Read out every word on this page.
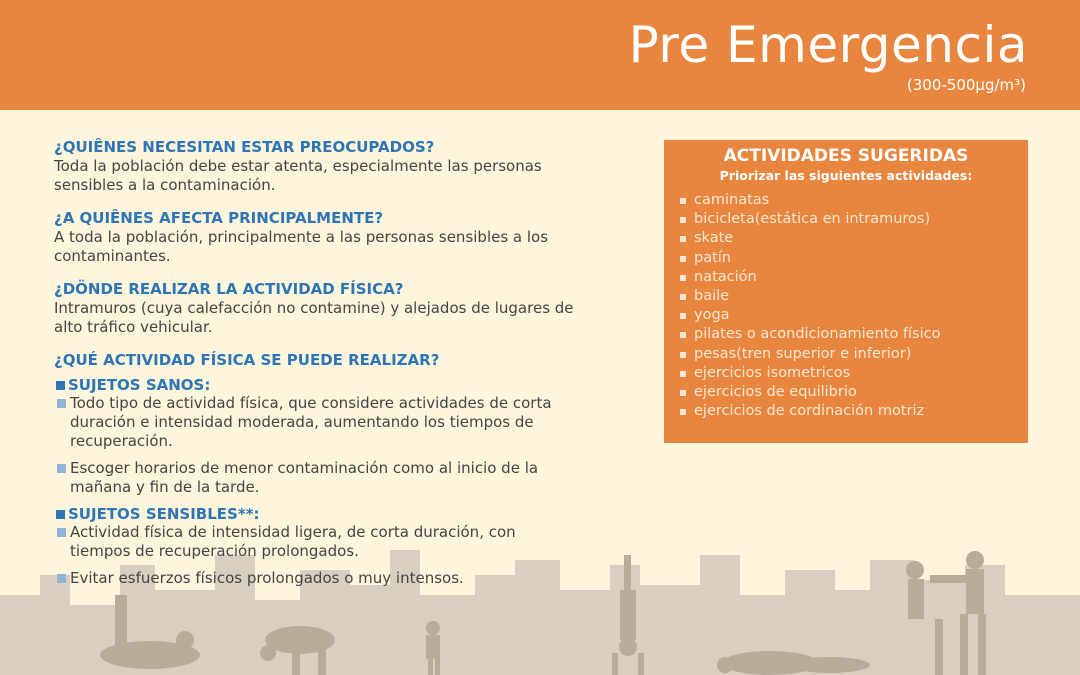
Pre Emergencia
(300-500µg/m³)

¿QUIÊNES NECESITAN ESTAR PREOCUPADOS?

Toda la población debe estar atenta, especialmente las personas sensibles a la contaminación.

¿A QUIÊNES AFECTA PRINCIPALMENTE?

A toda la población, principalmente a las personas sensibles a los contaminantes.

¿DÖNDE REALIZAR LA ACTIVIDAD FÍSICA?

Intramuros (cuya calefacción no contamine) y alejados de lugares de alto tráfico vehicular.

¿QUÉ ACTIVIDAD FÍSICA SE PUEDE REALIZAR?

SUJETOS SANOS:
Todo tipo de actividad física, que considere actividades de corta duración e intensidad moderada, aumentando los tiempos de recuperación.
Escoger horarios de menor contaminación como al inicio de la mañana y fin de la tarde.
SUJETOS SENSIBLES**:
Actividad física de intensidad ligera, de corta duración, con tiempos de recuperación prolongados.
Evitar esfuerzos físicos prolongados o muy intensos.
ACTIVIDADES SUGERIDAS
Priorizar las siguientes actividades:
caminatas
bicicleta(estática en intramuros)
skate
patín
natación
baile
yoga
pilates o acondicionamiento físico
pesas(tren superior e inferior)
ejercicios isometricos
ejercicios de equilibrio
ejercicios de cordinación motriz
